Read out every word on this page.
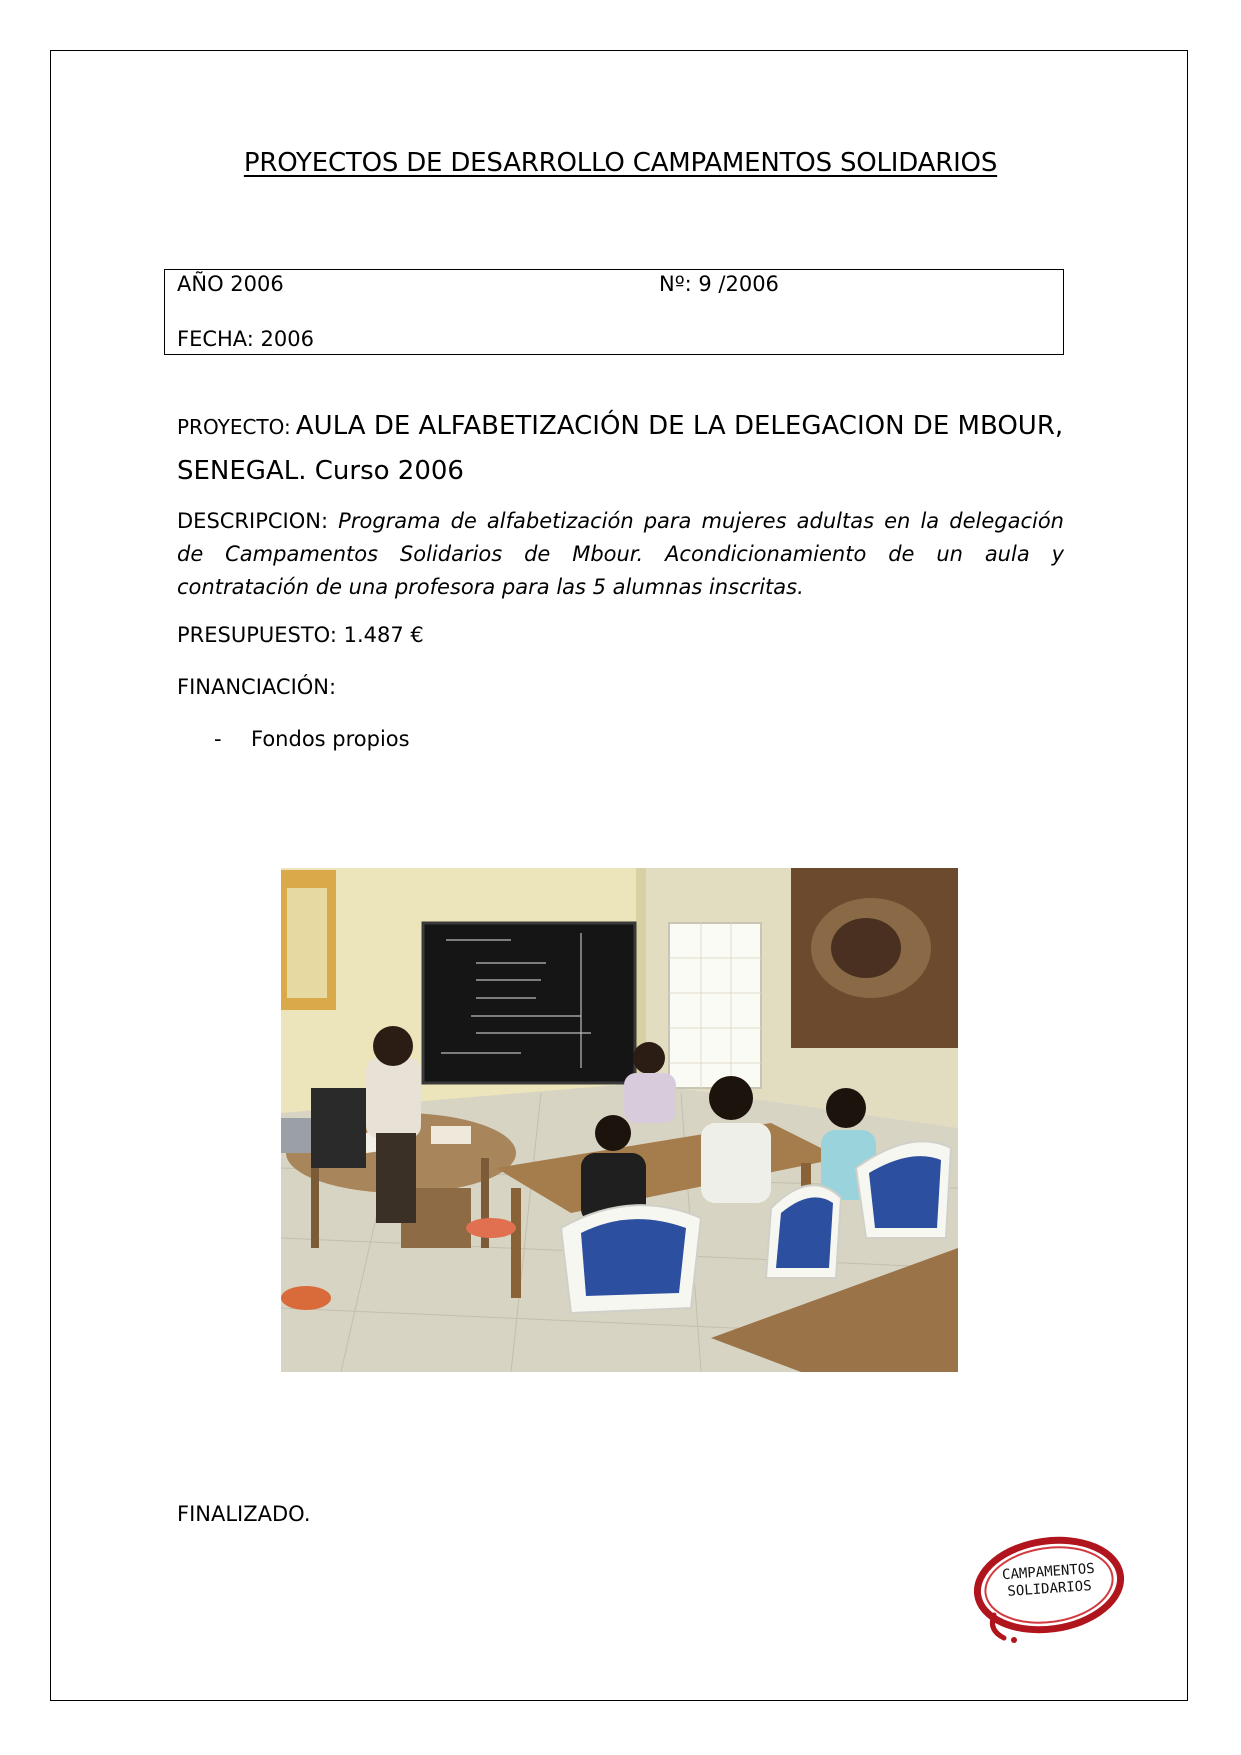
PROYECTOS DE DESARROLLO CAMPAMENTOS SOLIDARIOS
AÑO 2006	Nº: 9 /2006
FECHA: 2006
PROYECTO: AULA DE ALFABETIZACIÓN DE LA DELEGACION DE MBOUR, SENEGAL. Curso 2006
DESCRIPCION: Programa de alfabetización para mujeres adultas en la delegación de Campamentos Solidarios de Mbour. Acondicionamiento de un aula y contratación de una profesora para las 5 alumnas inscritas.
PRESUPUESTO: 1.487 €
FINANCIACIÓN:
- Fondos propios
FINALIZADO.
CAMPAMENTOS
SOLIDARIOS
